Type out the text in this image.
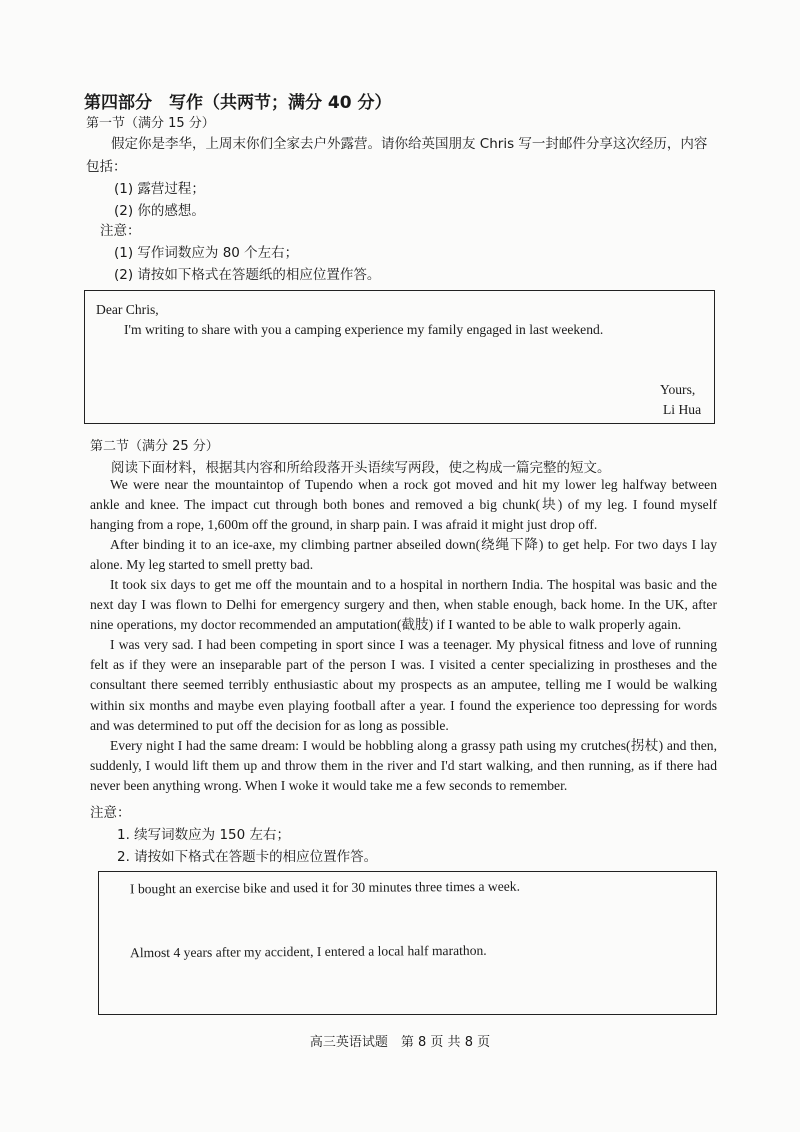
第四部分　写作（共两节；满分 40 分）
第一节（满分 15 分）
假定你是李华，上周末你们全家去户外露营。请你给英国朋友 Chris 写一封邮件分享这次经历，内容
包括：
(1) 露营过程；
(2) 你的感想。
注意：
(1) 写作词数应为 80 个左右；
(2) 请按如下格式在答题纸的相应位置作答。
Dear Chris,
I'm writing to share with you a camping experience my family engaged in last weekend.
Yours,
Li Hua
第二节（满分 25 分）
阅读下面材料，根据其内容和所给段落开头语续写两段，使之构成一篇完整的短文。
We were near the mountaintop of Tupendo when a rock got moved and hit my lower leg halfway between ankle and knee. The impact cut through both bones and removed a big chunk(块) of my leg. I found myself hanging from a rope, 1,600m off the ground, in sharp pain. I was afraid it might just drop off.
After binding it to an ice-axe, my climbing partner abseiled down(绕绳下降) to get help. For two days I lay alone. My leg started to smell pretty bad.
It took six days to get me off the mountain and to a hospital in northern India. The hospital was basic and the next day I was flown to Delhi for emergency surgery and then, when stable enough, back home. In the UK, after nine operations, my doctor recommended an amputation(截肢) if I wanted to be able to walk properly again.
I was very sad. I had been competing in sport since I was a teenager. My physical fitness and love of running felt as if they were an inseparable part of the person I was. I visited a center specializing in prostheses and the consultant there seemed terribly enthusiastic about my prospects as an amputee, telling me I would be walking within six months and maybe even playing football after a year. I found the experience too depressing for words and was determined to put off the decision for as long as possible.
Every night I had the same dream: I would be hobbling along a grassy path using my crutches(拐杖) and then, suddenly, I would lift them up and throw them in the river and I'd start walking, and then running, as if there had never been anything wrong. When I woke it would take me a few seconds to remember.
注意：
1. 续写词数应为 150 左右；
2. 请按如下格式在答题卡的相应位置作答。
I bought an exercise bike and used it for 30 minutes three times a week.
Almost 4 years after my accident, I entered a local half marathon.
高三英语试题　第 8 页 共 8 页
